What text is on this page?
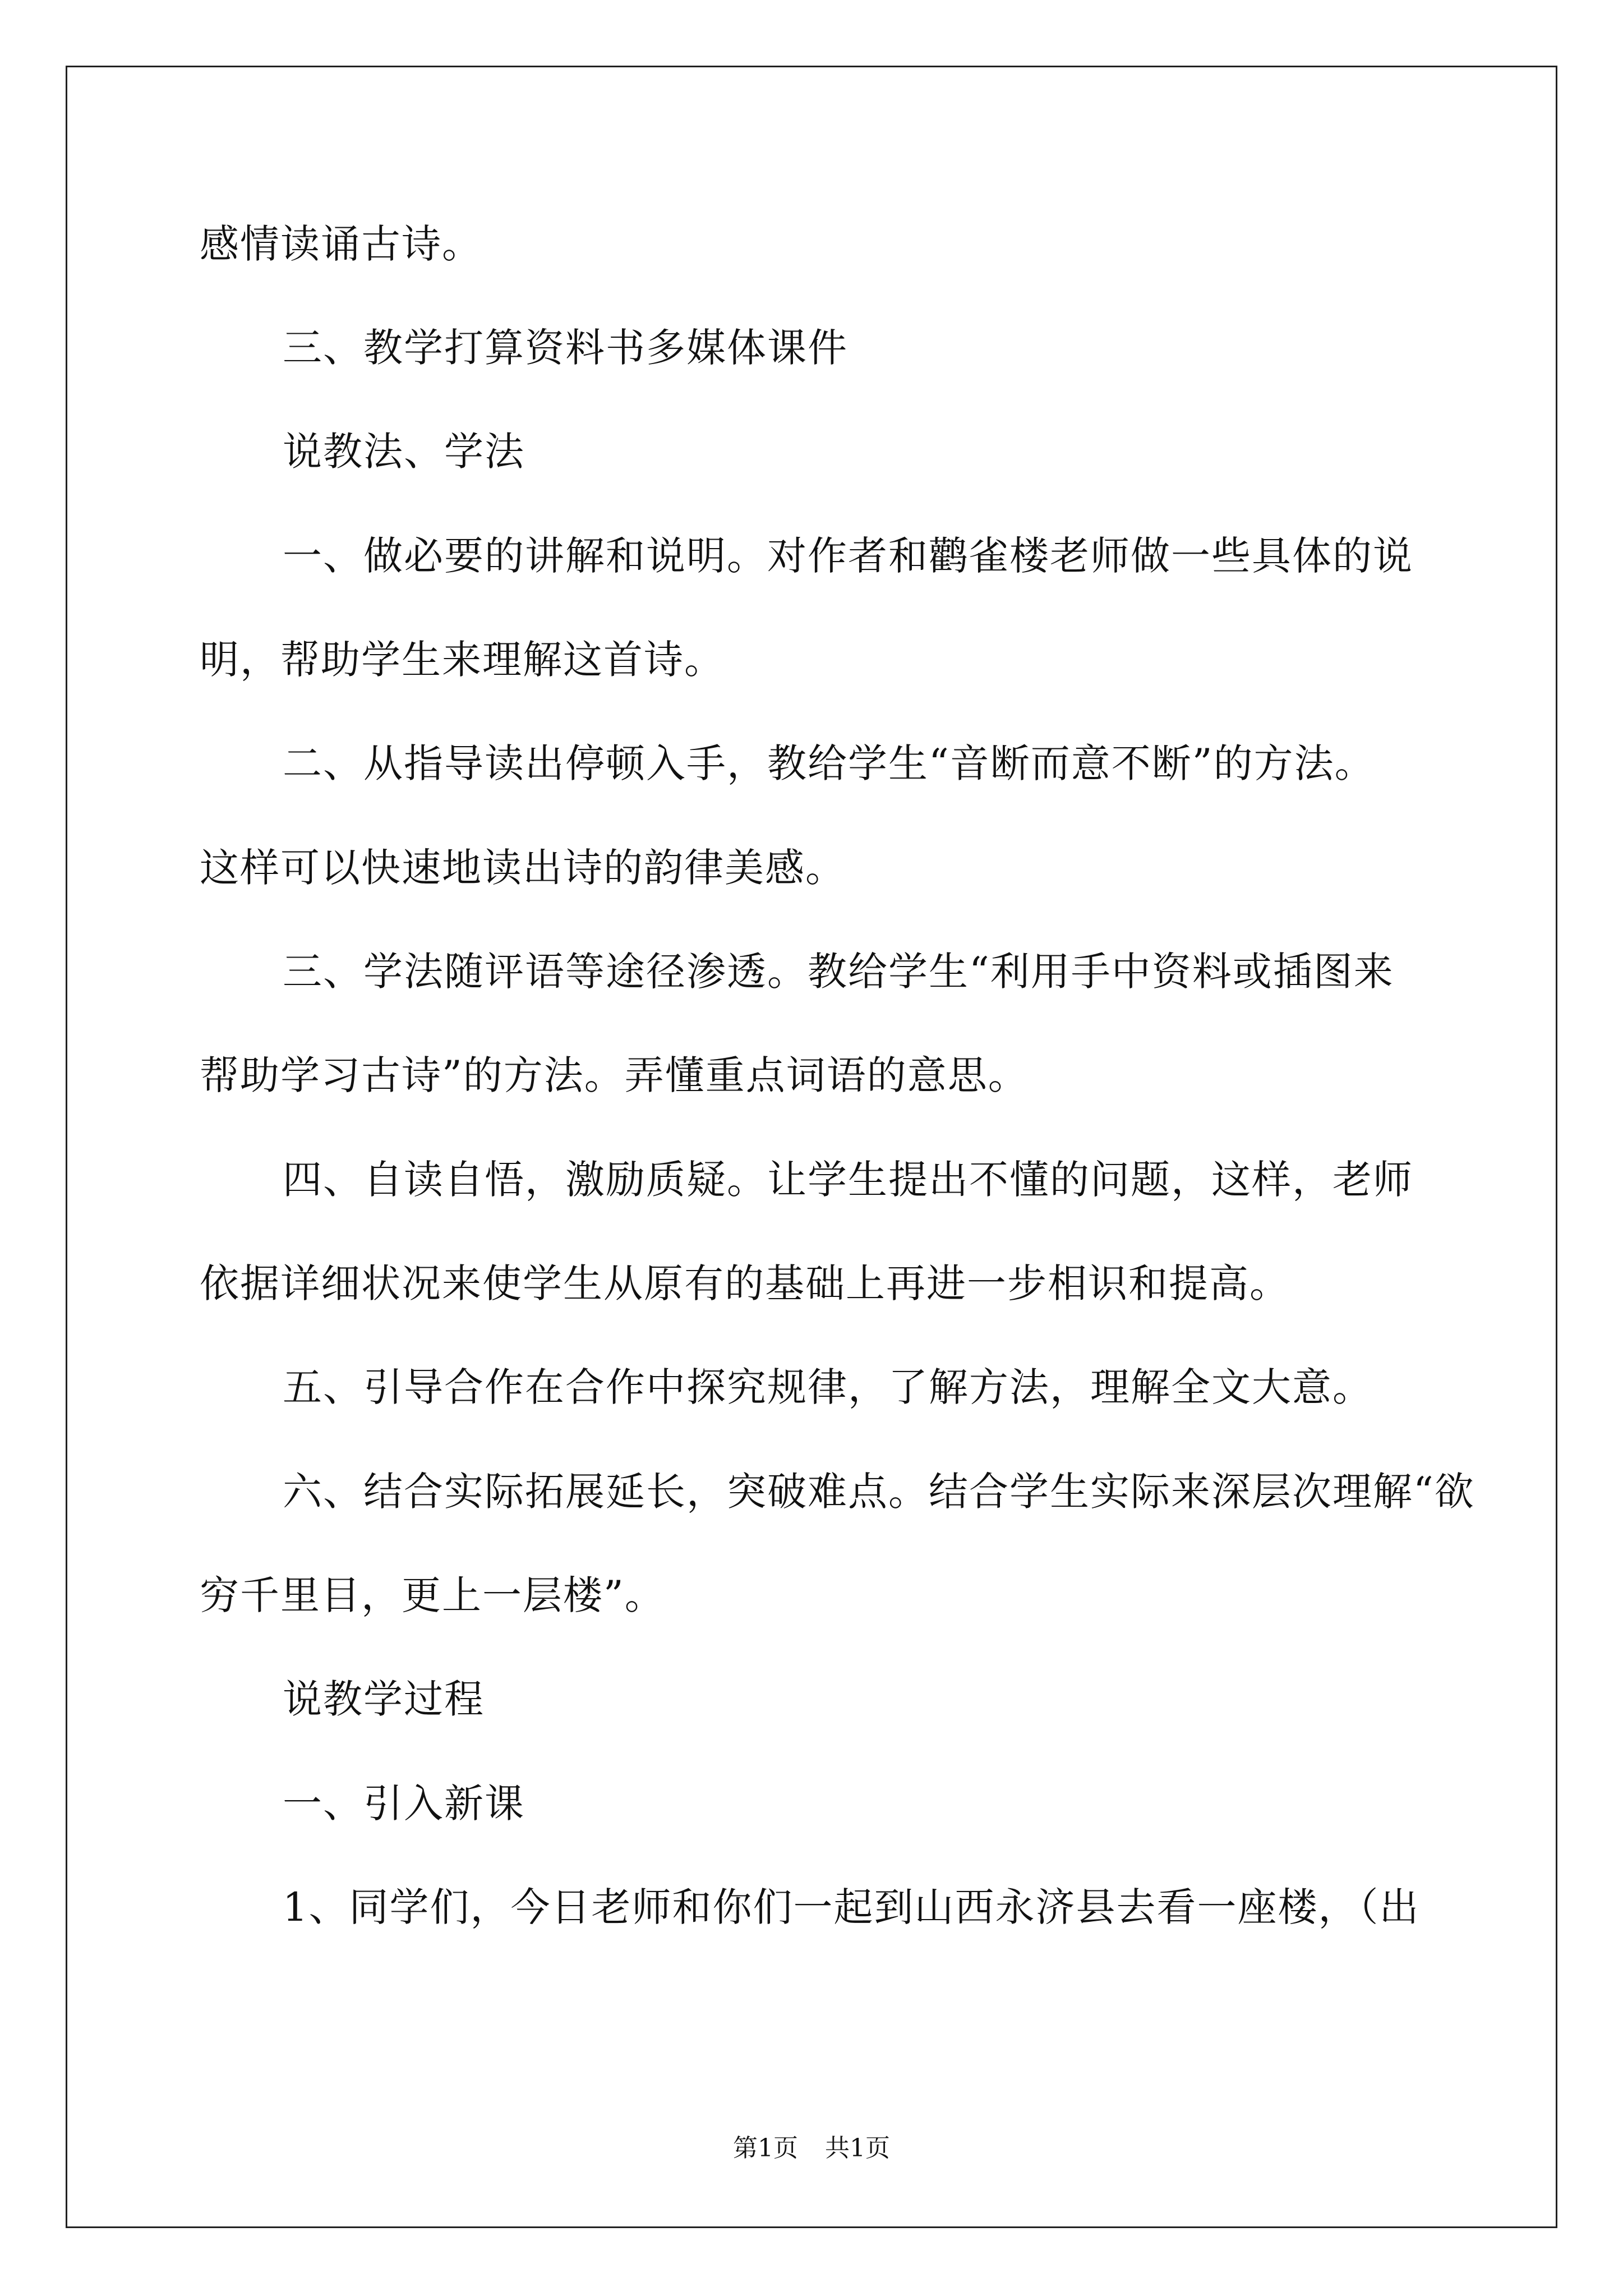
感情读诵古诗。
三、教学打算资料书多媒体课件
说教法、学法
一、做必要的讲解和说明。对作者和鹳雀楼老师做一些具体的说
明，帮助学生来理解这首诗。
二、从指导读出停顿入手，教给学生“音断而意不断”的方法。
这样可以快速地读出诗的韵律美感。
三、学法随评语等途径渗透。教给学生“利用手中资料或插图来
帮助学习古诗”的方法。弄懂重点词语的意思。
四、自读自悟，激励质疑。让学生提出不懂的问题，这样，老师
依据详细状况来使学生从原有的基础上再进一步相识和提高。
五、引导合作在合作中探究规律，了解方法，理解全文大意。
六、结合实际拓展延长，突破难点。结合学生实际来深层次理解“欲
穷千里目，更上一层楼”。
说教学过程
一、引入新课
1、同学们，今日老师和你们一起到山西永济县去看一座楼，（出
第1页 共1页
